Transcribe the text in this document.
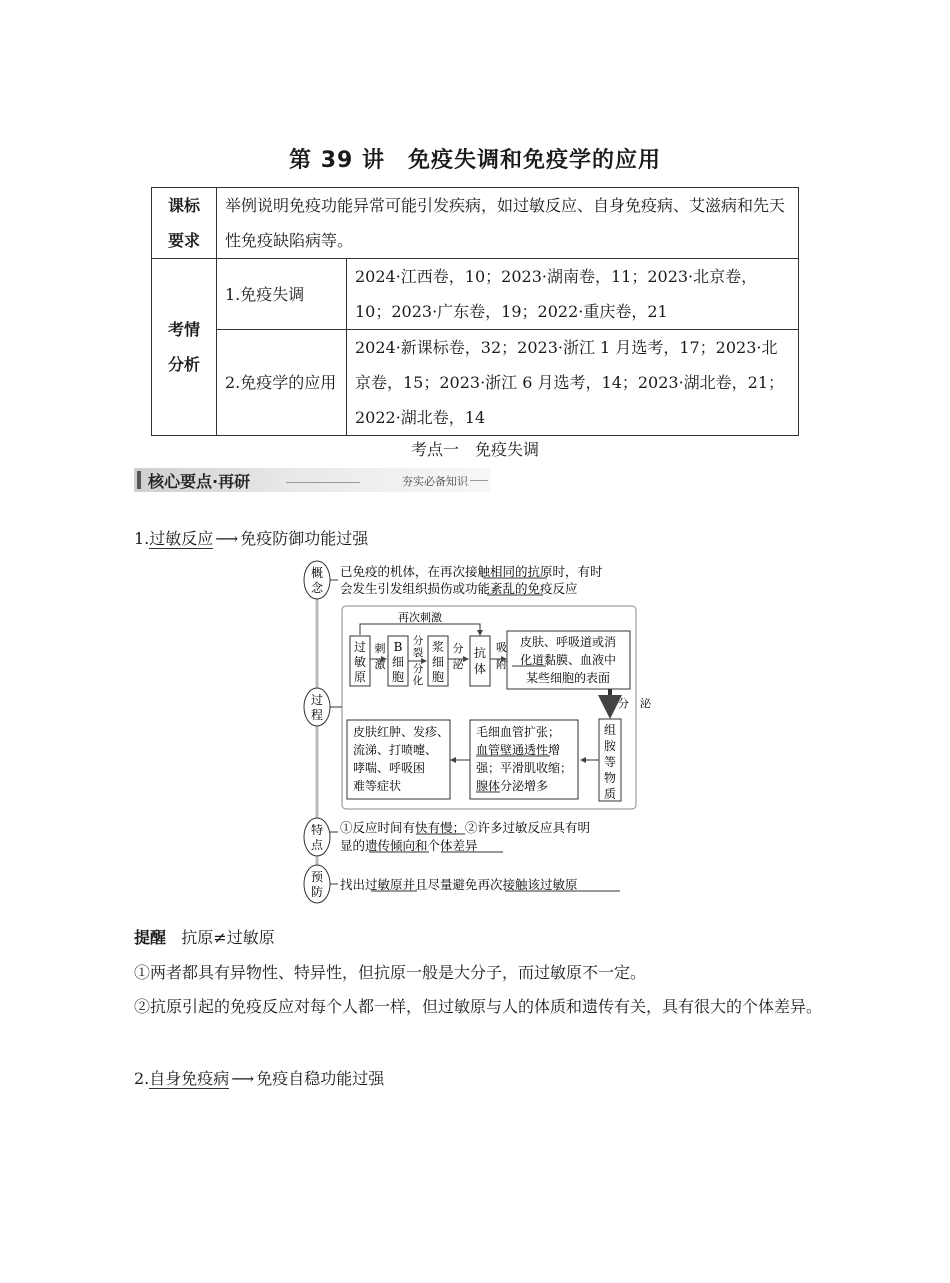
第 39 讲　免疫失调和免疫学的应用
课标
要求	举例说明免疫功能异常可能引发疾病，如过敏反应、自身免疫病、艾滋病和先天性免疫缺陷病等。	

考情
分析	1.免疫失调	2024·江西卷，10；2023·湖南卷，11；2023·北京卷，10；2023·广东卷，19；2022·重庆卷，21
	2.免疫学的应用	2024·新课标卷，32；2023·浙江 1 月选考，17；2023·北京卷，15；2023·浙江 6 月选考，14；2023·湖北卷，21；2022·湖北卷，14
考点一　免疫失调
核心要点·再研	夯实必备知识
1.过敏反应 ⟶ 免疫防御功能过强
概
念
已免疫的机体，在再次接触相同的抗原时，有时
会发生引发组织损伤或功能紊乱的免疫反应
过
程
再次刺激
过
敏
原
刺
激
B
细
胞
分
裂
分
化
浆
细
胞
分
泌
抗
体
吸
附
皮肤、呼吸道或消
化道黏膜、血液中
某些细胞的表面
分　泌
组
胺
等
物
质
毛细血管扩张；
血管壁通透性增
强；平滑肌收缩；
腺体分泌增多
皮肤红肿、发疹、
流涕、打喷嚏、
哮喘、呼吸困
难等症状
特
点
①反应时间有快有慢；②许多过敏反应具有明
显的遗传倾向和个体差异
预
防 找出过敏原并且尽量避免再次接触该过敏原
提醒 抗原≠过敏原
①两者都具有异物性、特异性，但抗原一般是大分子，而过敏原不一定。
②抗原引起的免疫反应对每个人都一样，但过敏原与人的体质和遗传有关，具有很大的个体差异。
2.自身免疫病 ⟶ 免疫自稳功能过强
